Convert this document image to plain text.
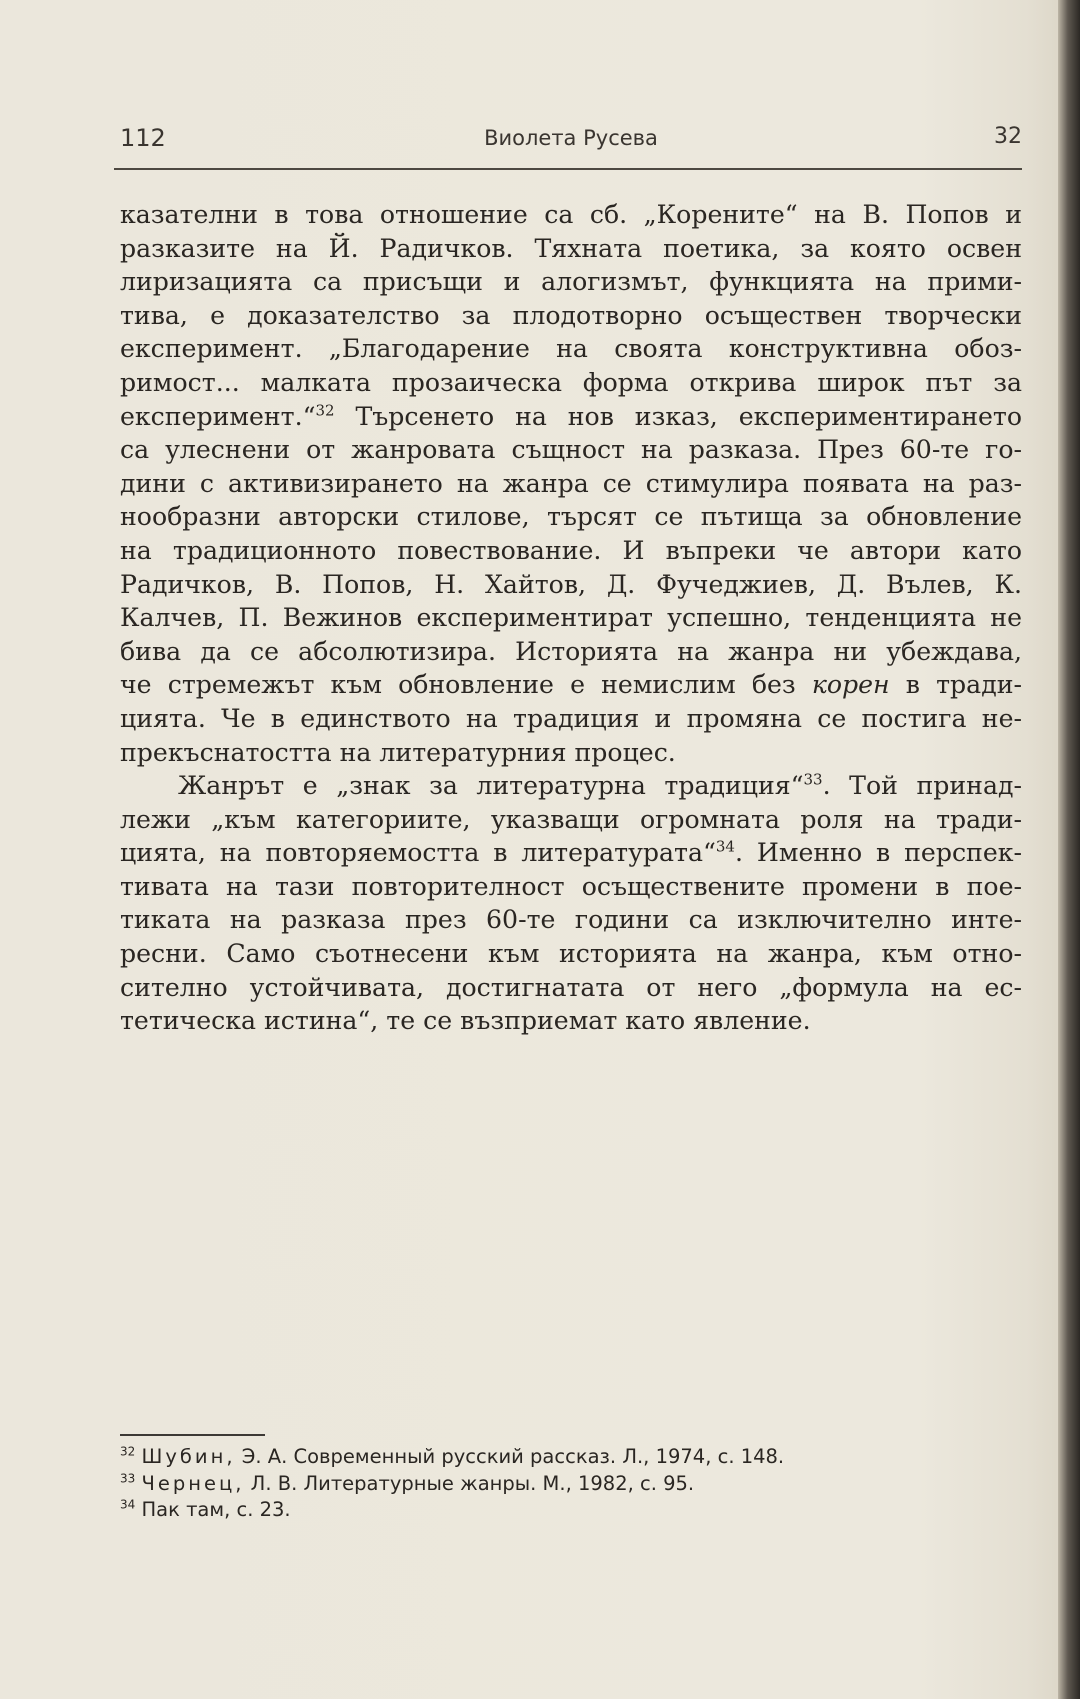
112	Виолета Русева	32
казателни в това отношение са сб. „Корените“ на В. Попов и
разказите на Й. Радичков. Тяхната поетика, за която освен
лиризацията са присъщи и алогизмът, функцията на прими-
тива, е доказателство за плодотворно осъществен творчески
експеримент. „Благодарение на своята конструктивна обоз-
римост... малката прозаическа форма открива широк път за
експеримент.“$^{32}$ Търсенето на нов изказ, експериментирането
са улеснени от жанровата същност на разказа. През 60-те го-
дини с активизирането на жанра се стимулира появата на раз-
нообразни авторски стилове, търсят се пътища за обновление
на традиционното повествование. И въпреки че автори като
Радичков, В. Попов, Н. Хайтов, Д. Фучеджиев, Д. Вълев, К.
Калчев, П. Вежинов експериментират успешно, тенденцията не
бива да се абсолютизира. Историята на жанра ни убеждава,
че стремежът към обновление е немислим без корен в тради-
цията. Че в единството на традиция и промяна се постига не-
прекъснатостта на литературния процес.
Жанрът е „знак за литературна традиция“$^{33}$. Той принад-
лежи „към категориите, указващи огромната роля на тради-
цията, на повторяемостта в литературата“$^{34}$. Именно в перспек-
тивата на тази повторителност осъществените промени в пое-
тиката на разказа през 60-те години са изключително инте-
ресни. Само съотнесени към историята на жанра, към отно-
сително устойчивата, достигнатата от него „формула на ес-
тетическа истина“, те се възприемат като явление.
$^{32}$ Шубин, Э. А. Современный русский рассказ. Л., 1974, с. 148.
$^{33}$ Чернец, Л. В. Литературные жанры. М., 1982, с. 95.
$^{34}$ Пак там, с. 23.
